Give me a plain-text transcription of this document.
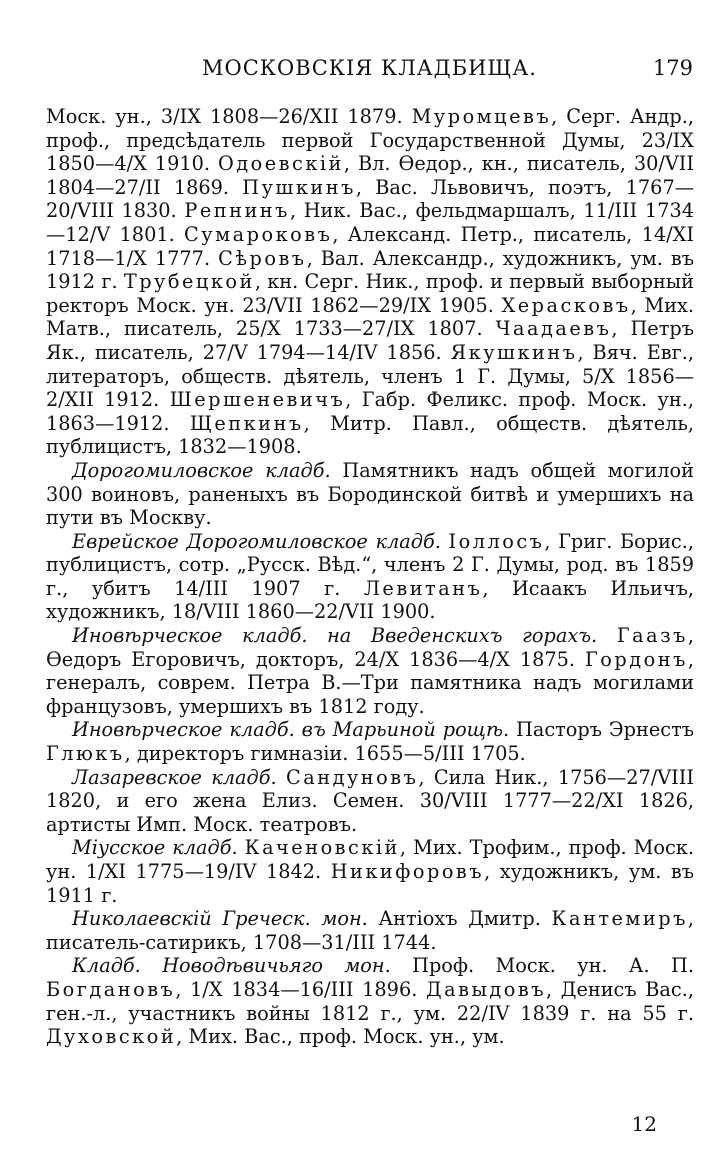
МОСКОВСКІЯ КЛАДБИЩА.	179

Моск. ун., 3/IX 1808—26/XII 1879. Муромцевъ, Серг. Андр., проф., предсѣдатель первой Государственной Думы, 23/IX 1850—4/X 1910. Одоевскій, Вл. Ѳедор., кн., писатель, 30/VII 1804—27/II 1869. Пушкинъ, Вас. Львовичъ, поэтъ, 1767—20/VIII 1830. Репнинъ, Ник. Вас., фельдмаршалъ, 11/III 1734—12/V 1801. Сумароковъ, Александ. Петр., писатель, 14/XI 1718—1/X 1777. Сѣровъ, Вал. Александр., художникъ, ум. въ 1912 г. Трубецкой, кн. Серг. Ник., проф. и первый выборный ректоръ Моск. ун. 23/VII 1862—29/IX 1905. Херасковъ, Мих. Матв., писатель, 25/X 1733—27/IX 1807. Чаадаевъ, Петръ Як., писатель, 27/V 1794—14/IV 1856. Якушкинъ, Вяч. Евг., литераторъ, обществ. дѣятель, членъ 1 Г. Думы, 5/X 1856—2/XII 1912. Шершеневичъ, Габр. Феликс. проф. Моск. ун., 1863—1912. Щепкинъ, Митр. Павл., обществ. дѣятель, публицистъ, 1832—1908.

Дорогомиловское кладб. Памятникъ надъ общей могилой 300 воиновъ, раненыхъ въ Бородинской битвѣ и умершихъ на пути въ Москву.

Еврейское Дорогомиловское кладб. Іоллосъ, Григ. Борис., публицистъ, сотр. „Русск. Вѣд.“, членъ 2 Г. Думы, род. въ 1859 г., убитъ 14/III 1907 г. Левитанъ, Исаакъ Ильичъ, художникъ, 18/VIII 1860—22/VII 1900.

Иновѣрческое кладб. на Введенскихъ горахъ. Гаазъ, Ѳедоръ Егоровичъ, докторъ, 24/X 1836—4/X 1875. Гордонъ, генералъ, соврем. Петра В.—Три памятника надъ могилами французовъ, умершихъ въ 1812 году.

Иновѣрческое кладб. въ Марьиной рощѣ. Пасторъ Эрнестъ Глюкъ, директоръ гимназіи. 1655—5/III 1705.

Лазаревское кладб. Сандуновъ, Сила Ник., 1756—27/VIII 1820, и его жена Елиз. Семен. 30/VIII 1777—22/XI 1826, артисты Имп. Моск. театровъ.

Міусское кладб. Каченовскій, Мих. Трофим., проф. Моск. ун. 1/XI 1775—19/IV 1842. Никифоровъ, художникъ, ум. въ 1911 г.

Николаевскій Греческ. мон. Антіохъ Дмитр. Кантемиръ, писатель-сатирикъ, 1708—31/III 1744.

Кладб. Новодѣвичьяго мон. Проф. Моск. ун. А. П. Богдановъ, 1/X 1834—16/III 1896. Давыдовъ, Денисъ Вас., ген.-л., участникъ войны 1812 г., ум. 22/IV 1839 г. на 55 г. Духовской, Мих. Вас., проф. Моск. ун., ум.

12
